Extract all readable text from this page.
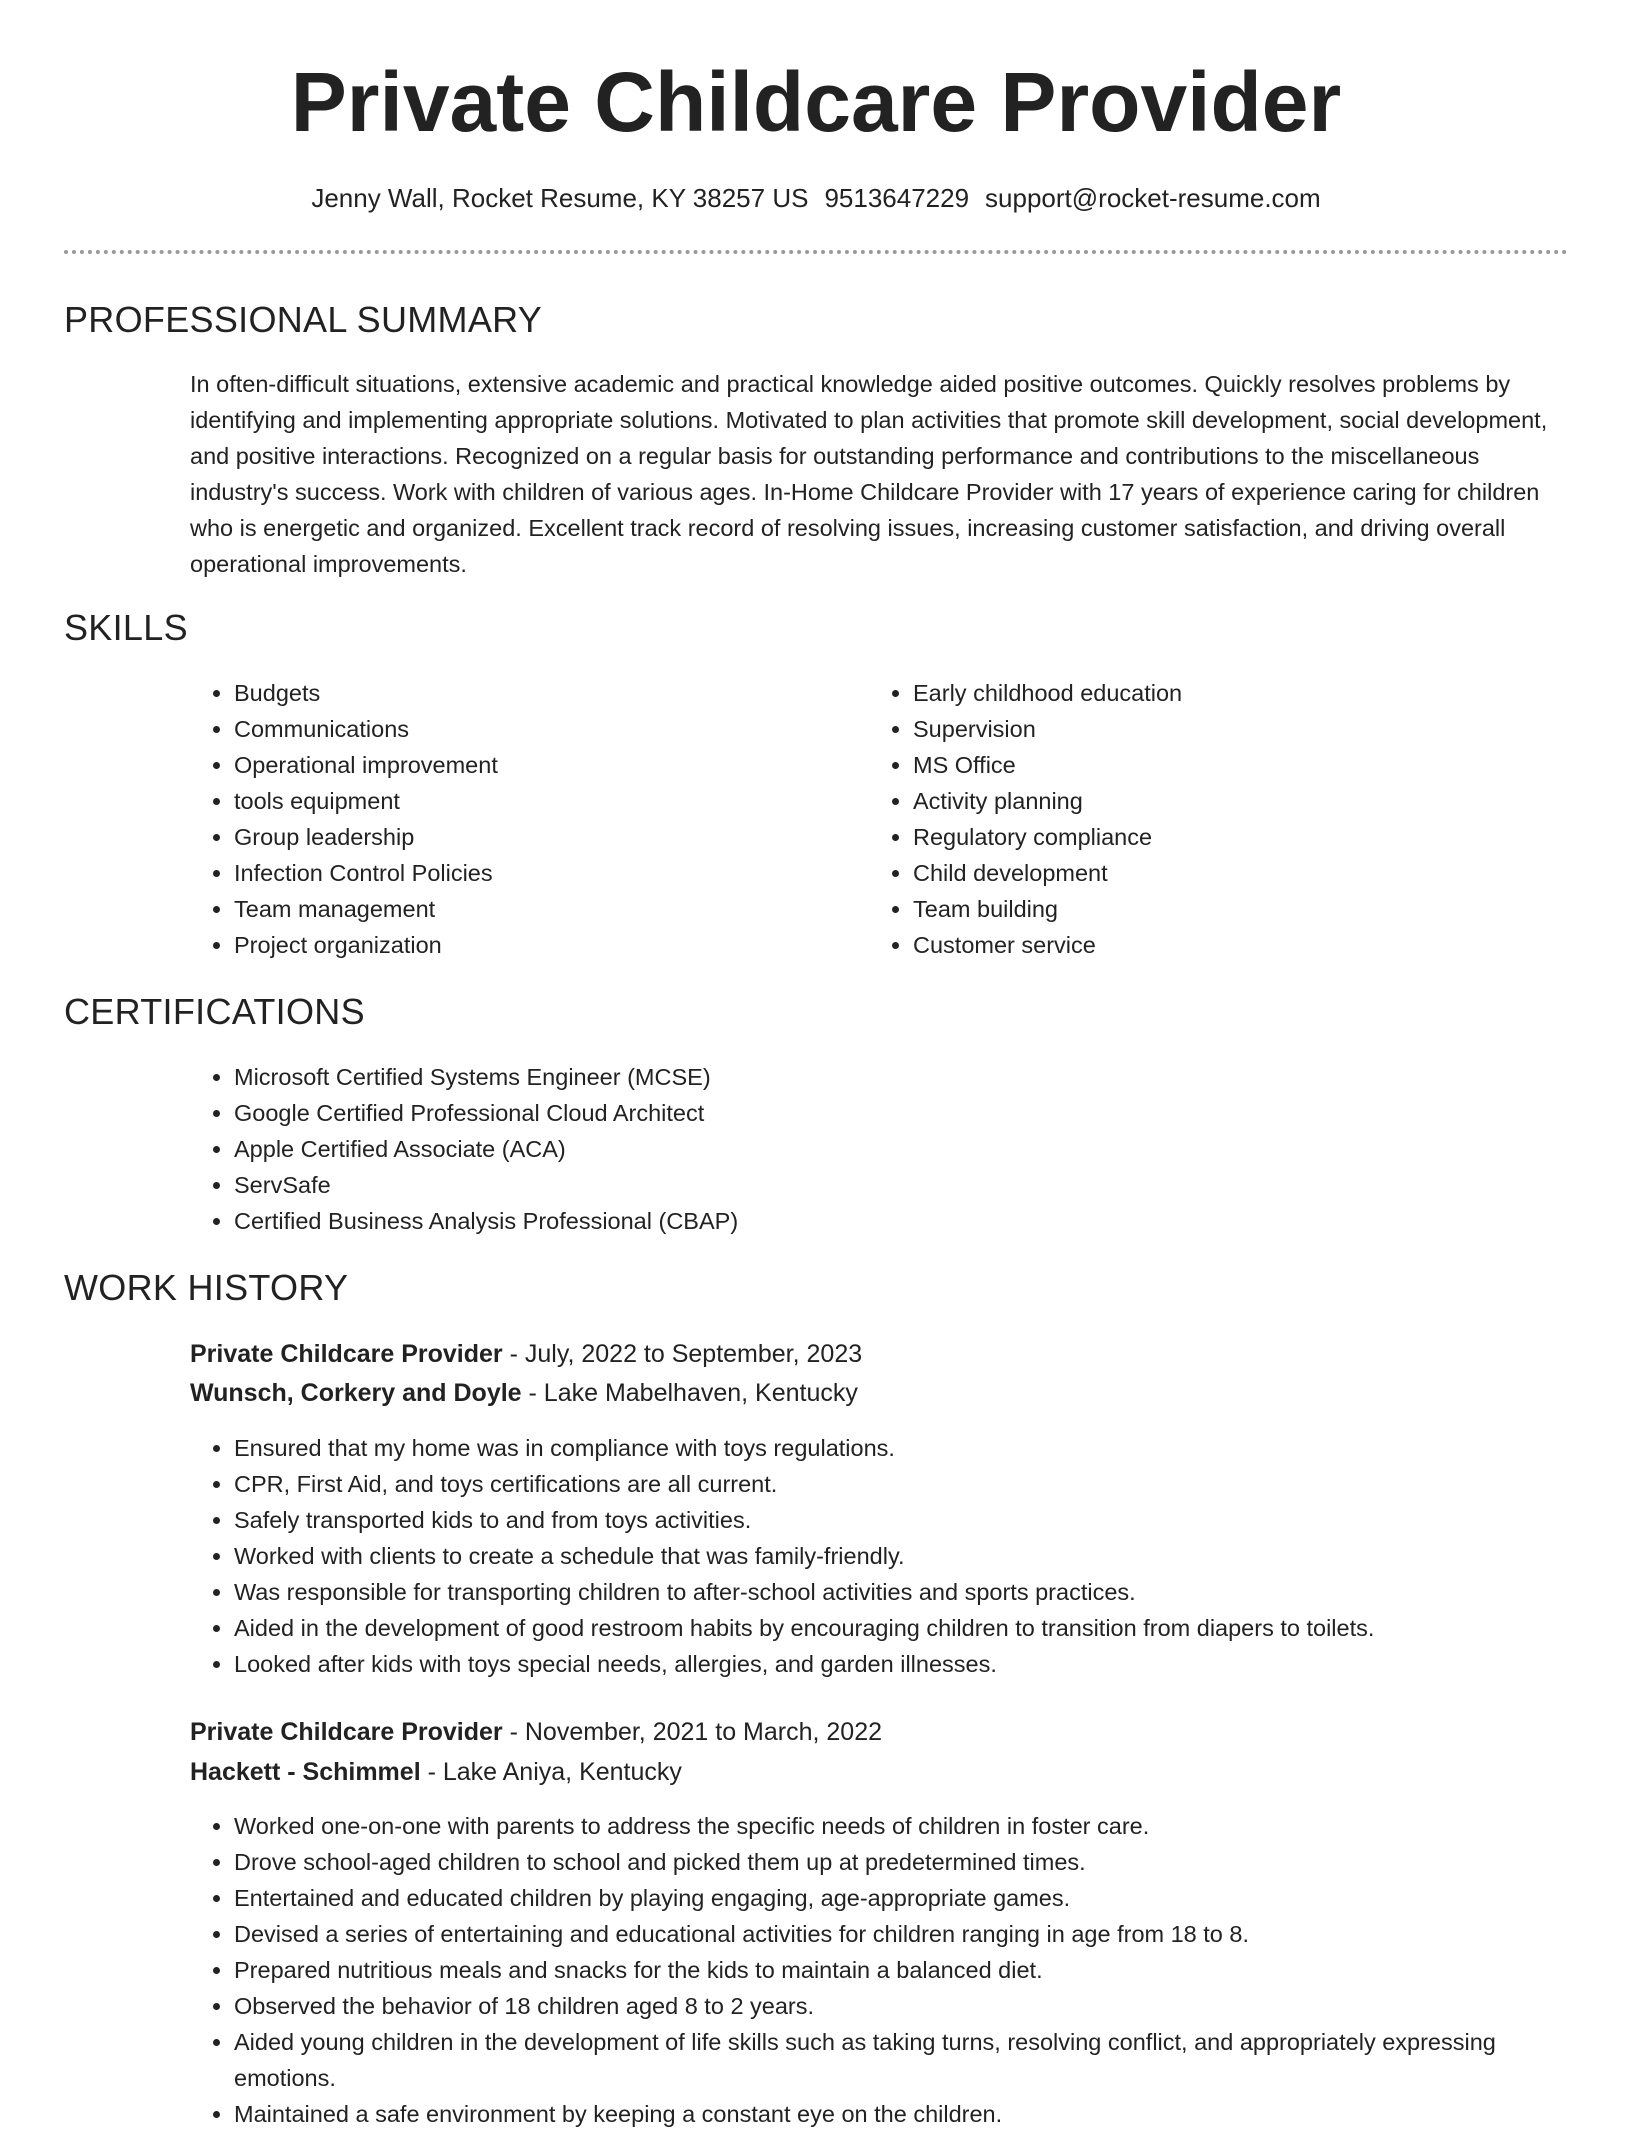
Private Childcare Provider
Jenny Wall, Rocket Resume, KY 38257 US 9513647229 support@rocket-resume.com
PROFESSIONAL SUMMARY

In often-difficult situations, extensive academic and practical knowledge aided positive outcomes. Quickly resolves problems by identifying and implementing appropriate solutions. Motivated to plan activities that promote skill development, social development, and positive interactions. Recognized on a regular basis for outstanding performance and contributions to the miscellaneous industry's success. Work with children of various ages. In-Home Childcare Provider with 17 years of experience caring for children who is energetic and organized. Excellent track record of resolving issues, increasing customer satisfaction, and driving overall operational improvements.

SKILLS
• Budgets
• Communications
• Operational improvement
• tools equipment
• Group leadership
• Infection Control Policies
• Team management
• Project organization
• Early childhood education
• Supervision
• MS Office
• Activity planning
• Regulatory compliance
• Child development
• Team building
• Customer service
CERTIFICATIONS
• Microsoft Certified Systems Engineer (MCSE)
• Google Certified Professional Cloud Architect
• Apple Certified Associate (ACA)
• ServSafe
• Certified Business Analysis Professional (CBAP)
WORK HISTORY
Private Childcare Provider - July, 2022 to September, 2023
Wunsch, Corkery and Doyle - Lake Mabelhaven, Kentucky
• Ensured that my home was in compliance with toys regulations.
• CPR, First Aid, and toys certifications are all current.
• Safely transported kids to and from toys activities.
• Worked with clients to create a schedule that was family-friendly.
• Was responsible for transporting children to after-school activities and sports practices.
• Aided in the development of good restroom habits by encouraging children to transition from diapers to toilets.
• Looked after kids with toys special needs, allergies, and garden illnesses.
Private Childcare Provider - November, 2021 to March, 2022
Hackett - Schimmel - Lake Aniya, Kentucky
• Worked one-on-one with parents to address the specific needs of children in foster care.
• Drove school-aged children to school and picked them up at predetermined times.
• Entertained and educated children by playing engaging, age-appropriate games.
• Devised a series of entertaining and educational activities for children ranging in age from 18 to 8.
• Prepared nutritious meals and snacks for the kids to maintain a balanced diet.
• Observed the behavior of 18 children aged 8 to 2 years.
• Aided young children in the development of life skills such as taking turns, resolving conflict, and appropriately expressing emotions.
• Maintained a safe environment by keeping a constant eye on the children.
